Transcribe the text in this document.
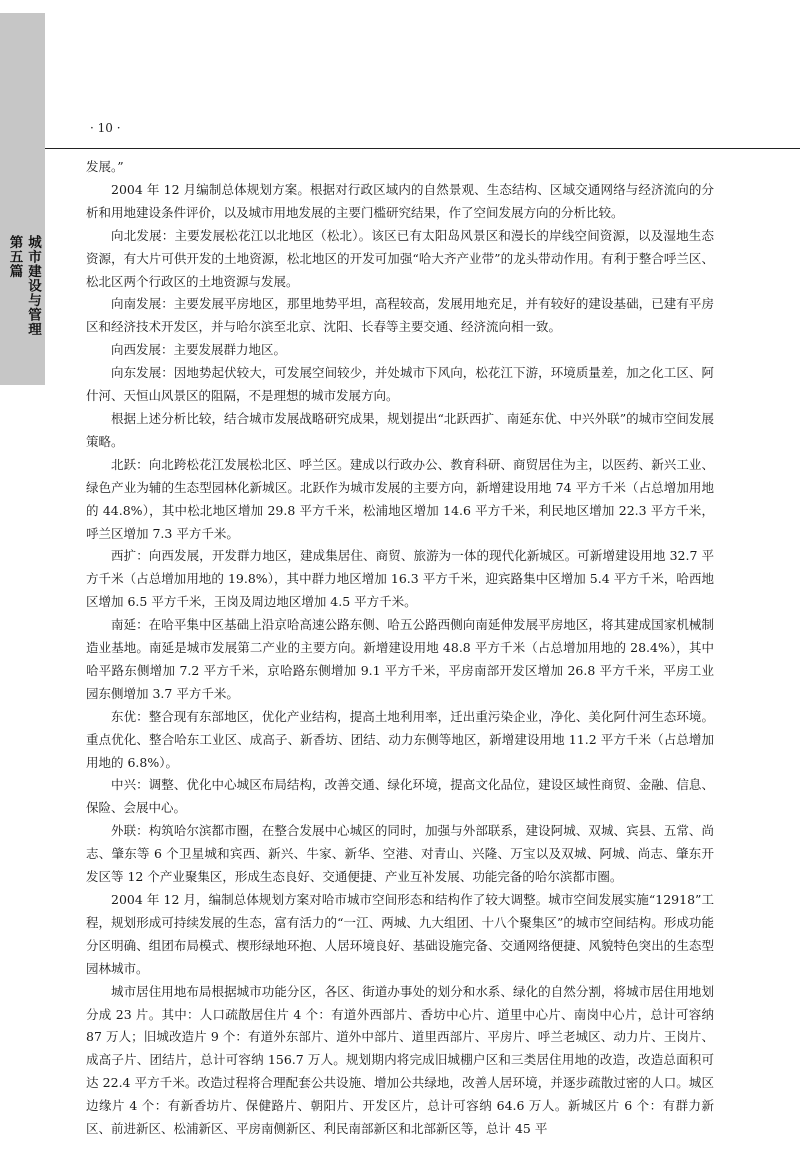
第五篇 城市建设与管理
· 10 ·

发展。”

2004 年 12 月编制总体规划方案。根据对行政区域内的自然景观、生态结构、区域交通网络与经济流向的分析和用地建设条件评价，以及城市用地发展的主要门槛研究结果，作了空间发展方向的分析比较。

向北发展：主要发展松花江以北地区（松北）。该区已有太阳岛风景区和漫长的岸线空间资源，以及湿地生态资源，有大片可供开发的土地资源，松北地区的开发可加强“哈大齐产业带”的龙头带动作用。有利于整合呼兰区、松北区两个行政区的土地资源与发展。

向南发展：主要发展平房地区，那里地势平坦，高程较高，发展用地充足，并有较好的建设基础，已建有平房区和经济技术开发区，并与哈尔滨至北京、沈阳、长春等主要交通、经济流向相一致。

向西发展：主要发展群力地区。

向东发展：因地势起伏较大，可发展空间较少，并处城市下风向，松花江下游，环境质量差，加之化工区、阿什河、天恒山风景区的阻隔，不是理想的城市发展方向。

根据上述分析比较，结合城市发展战略研究成果，规划提出“北跃西扩、南延东优、中兴外联”的城市空间发展策略。

北跃：向北跨松花江发展松北区、呼兰区。建成以行政办公、教育科研、商贸居住为主，以医药、新兴工业、绿色产业为辅的生态型园林化新城区。北跃作为城市发展的主要方向，新增建设用地 74 平方千米（占总增加用地的 44.8%），其中松北地区增加 29.8 平方千米，松浦地区增加 14.6 平方千米，利民地区增加 22.3 平方千米，呼兰区增加 7.3 平方千米。

西扩：向西发展，开发群力地区，建成集居住、商贸、旅游为一体的现代化新城区。可新增建设用地 32.7 平方千米（占总增加用地的 19.8%），其中群力地区增加 16.3 平方千米，迎宾路集中区增加 5.4 平方千米，哈西地区增加 6.5 平方千米，王岗及周边地区增加 4.5 平方千米。

南延：在哈平集中区基础上沿京哈高速公路东侧、哈五公路西侧向南延伸发展平房地区，将其建成国家机械制造业基地。南延是城市发展第二产业的主要方向。新增建设用地 48.8 平方千米（占总增加用地的 28.4%），其中哈平路东侧增加 7.2 平方千米，京哈路东侧增加 9.1 平方千米，平房南部开发区增加 26.8 平方千米，平房工业园东侧增加 3.7 平方千米。

东优：整合现有东部地区，优化产业结构，提高土地利用率，迁出重污染企业，净化、美化阿什河生态环境。重点优化、整合哈东工业区、成高子、新香坊、团结、动力东侧等地区，新增建设用地 11.2 平方千米（占总增加用地的 6.8%）。

中兴：调整、优化中心城区布局结构，改善交通、绿化环境，提高文化品位，建设区域性商贸、金融、信息、保险、会展中心。

外联：构筑哈尔滨都市圈，在整合发展中心城区的同时，加强与外部联系，建设阿城、双城、宾县、五常、尚志、肇东等 6 个卫星城和宾西、新兴、牛家、新华、空港、对青山、兴隆、万宝以及双城、阿城、尚志、肇东开发区等 12 个产业聚集区，形成生态良好、交通便捷、产业互补发展、功能完备的哈尔滨都市圈。

2004 年 12 月，编制总体规划方案对哈市城市空间形态和结构作了较大调整。城市空间发展实施“12918”工程，规划形成可持续发展的生态，富有活力的“一江、两城、九大组团、十八个聚集区”的城市空间结构。形成功能分区明确、组团布局模式、楔形绿地环抱、人居环境良好、基础设施完备、交通网络便捷、风貌特色突出的生态型园林城市。

城市居住用地布局根据城市功能分区，各区、街道办事处的划分和水系、绿化的自然分割，将城市居住用地划分成 23 片。其中：人口疏散居住片 4 个：有道外西部片、香坊中心片、道里中心片、南岗中心片，总计可容纳 87 万人；旧城改造片 9 个：有道外东部片、道外中部片、道里西部片、平房片、呼兰老城区、动力片、王岗片、成高子片、团结片，总计可容纳 156.7 万人。规划期内将完成旧城棚户区和三类居住用地的改造，改造总面积可达 22.4 平方千米。改造过程将合理配套公共设施、增加公共绿地，改善人居环境，并逐步疏散过密的人口。城区边缘片 4 个：有新香坊片、保健路片、朝阳片、开发区片，总计可容纳 64.6 万人。新城区片 6 个：有群力新区、前进新区、松浦新区、平房南侧新区、利民南部新区和北部新区等，总计 45 平
